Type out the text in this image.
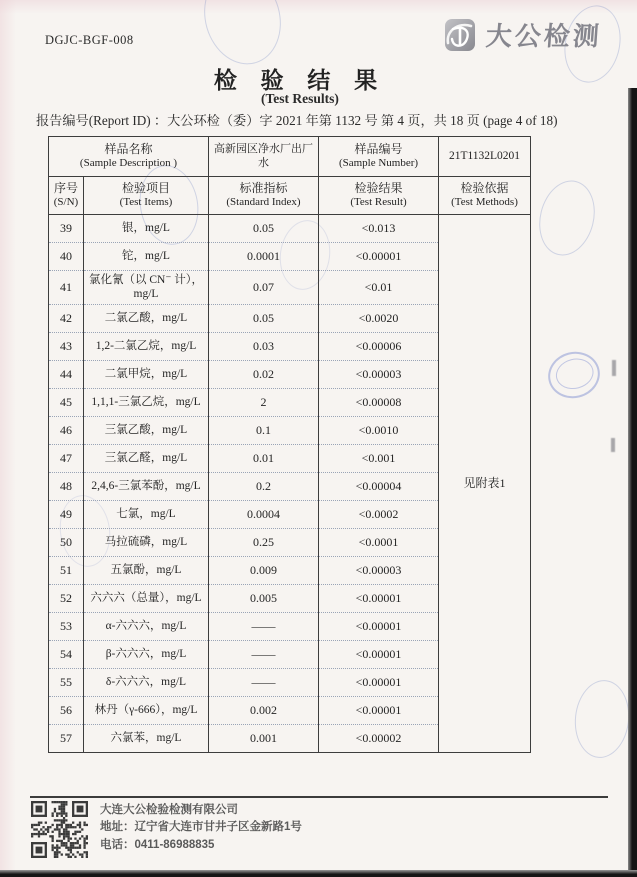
DGJC-BGF-008	大公检测
检 验 结 果
(Test Results)
报告编号(Report ID) ：大公环检（委）字 2021 年第 1132 号 第 4 页，共 18 页 (page 4 of 18)
样品名称
(Sample Description )		高新园区净水厂出厂水	样品编号
(Sample Number)	21T1132L0201
序号
(S/N)	检验项目
(Test Items)	标准指标
(Standard Index)	检验结果
(Test Result)	检验依据
(Test Methods)

39	银，mg/L	0.05	<0.013	见附表1
40	铊，mg/L	0.0001	<0.00001	
41	氯化氰（以 CN⁻ 计），mg/L	0.07	<0.01	
42	二氯乙酸，mg/L	0.05	<0.0020	
43	1,2-二氯乙烷，mg/L	0.03	<0.00006	
44	二氯甲烷，mg/L	0.02	<0.00003	
45	1,1,1-三氯乙烷，mg/L	2	<0.00008	
46	三氯乙酸，mg/L	0.1	<0.0010	
47	三氯乙醛，mg/L	0.01	<0.001	
48	2,4,6-三氯苯酚，mg/L	0.2	<0.00004	
49	七氯，mg/L	0.0004	<0.0002	
50	马拉硫磷，mg/L	0.25	<0.0001	
51	五氯酚，mg/L	0.009	<0.00003	
52	六六六（总量），mg/L	0.005	<0.00001	
53	α-六六六，mg/L	——	<0.00001	
54	β-六六六，mg/L	——	<0.00001	
55	δ-六六六，mg/L	——	<0.00001	
56	林丹（γ-666），mg/L	0.002	<0.00001	
57	六氯苯，mg/L	0.001	<0.00002	
大连大公检验检测有限公司
地址：辽宁省大连市甘井子区金新路1号
电话：0411-86988835
